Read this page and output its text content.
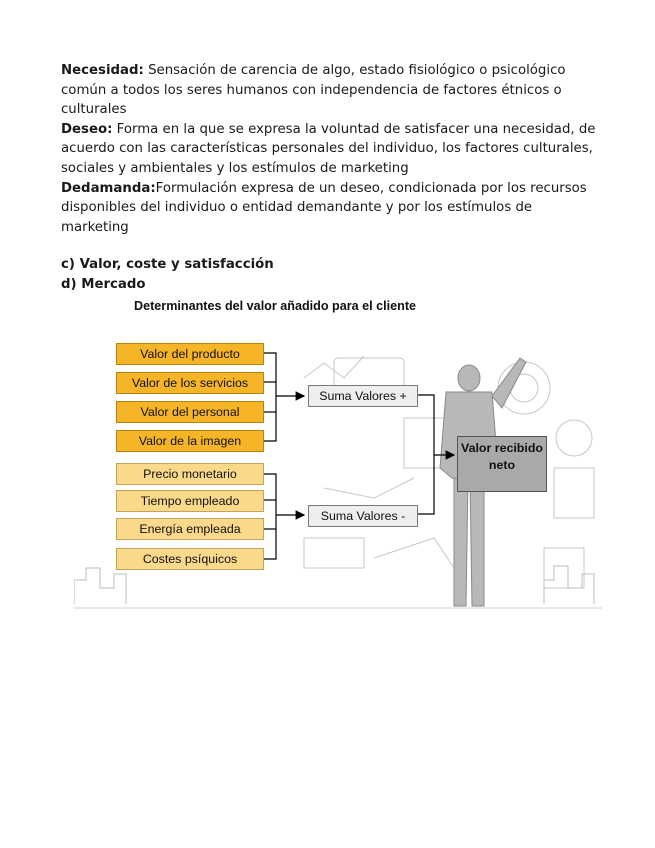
Necesidad: Sensación de carencia de algo, estado fisiológico o psicológico común a todos los seres humanos con independencia de factores étnicos o culturales

Deseo: Forma en la que se expresa la voluntad de satisfacer una necesidad, de acuerdo con las características personales del individuo, los factores culturales, sociales y ambientales y los estímulos de marketing

Dedamanda:Formulación expresa de un deseo, condicionada por los recursos disponibles del individuo o entidad demandante y por los estímulos de marketing

c) Valor, coste y satisfacción
d) Mercado
Determinantes del valor añadido para el cliente
Valor del producto
Valor de los servicios
Valor del personal
Valor de la imagen
Precio monetario
Tiempo empleado
Energía empleada
Costes psíquicos
Suma Valores +
Suma Valores -
Valor recibido neto
